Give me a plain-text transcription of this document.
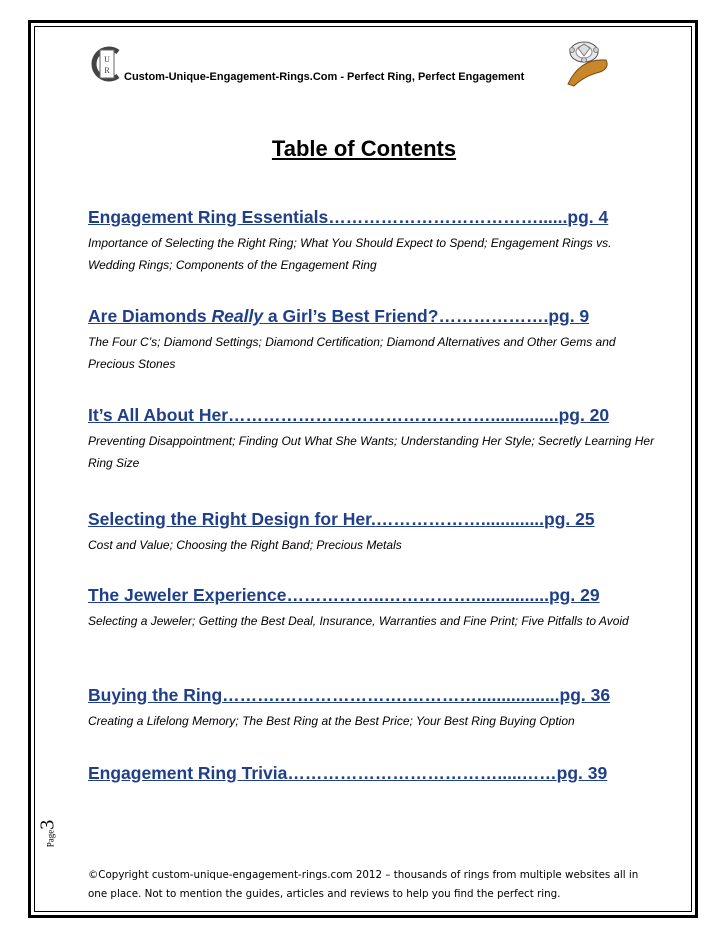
U
R
Custom-Unique-Engagement-Rings.Com - Perfect Ring, Perfect Engagement
Table of Contents
Engagement Ring Essentials………………………………......pg. 4
Importance of Selecting the Right Ring; What You Should Expect to Spend; Engagement Rings vs. Wedding Rings; Components of the Engagement Ring
Are Diamonds Really a Girl’s Best Friend?……………….pg. 9
The Four C’s; Diamond Settings; Diamond Certification; Diamond Alternatives and Other Gems and Precious Stones
It’s All About Her………………………………………..............pg. 20
Preventing Disappointment; Finding Out What She Wants; Understanding Her Style; Secretly Learning Her Ring Size
Selecting the Right Design for Her.……………….............pg. 25
Cost and Value; Choosing the Right Band; Precious Metals
The Jeweler Experience……………..……………................pg. 29
Selecting a Jeweler; Getting the Best Deal, Insurance, Warranties and Fine Print; Five Pitfalls to Avoid
Buying the Ring……….………………….………….................pg. 36
Creating a Lifelong Memory; The Best Ring at the Best Price; Your Best Ring Buying Option
Engagement Ring Trivia……………………………….....……pg. 39
Page3
©Copyright custom-unique-engagement-rings.com 2012 – thousands of rings from multiple websites all in one place. Not to mention the guides, articles and reviews to help you find the perfect ring.
